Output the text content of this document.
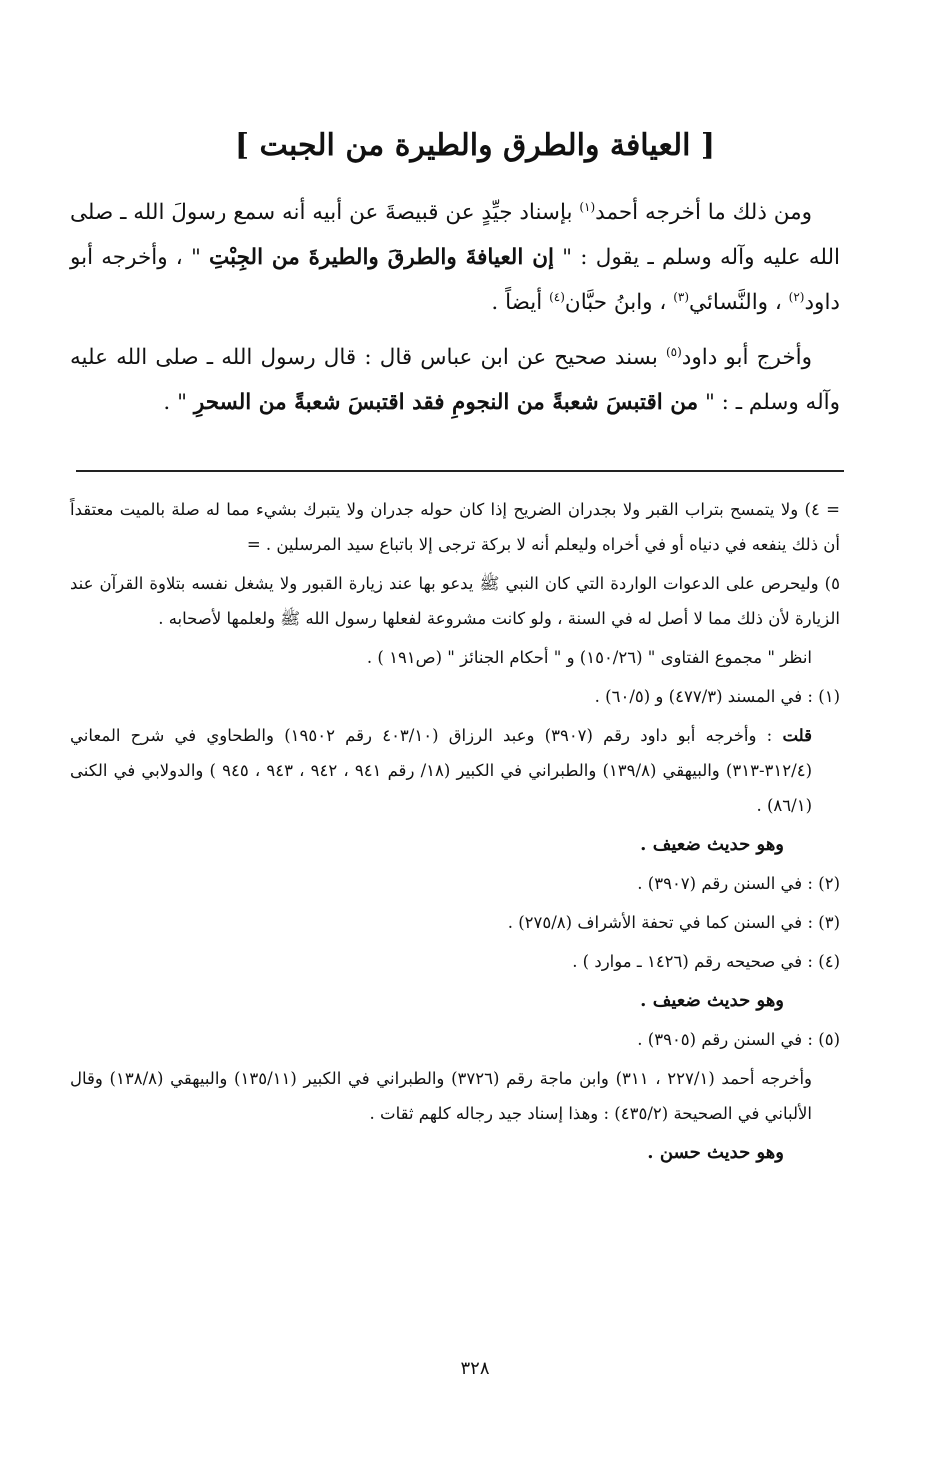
[ العيافة والطرق والطيرة من الجبت ]

ومن ذلك ما أخرجه أحمد$^{(١)}$ بإسناد جيِّدٍ عن قبيصةَ عن أبيه أنه سمع رسولَ الله ـ صلى الله عليه وآله وسلم ـ يقول : " إن العيافةَ والطرقَ والطيرةَ من الجِبْتِ " ، وأخرجه أبو داود$^{(٢)}$ ، والنَّسائي$^{(٣)}$ ، وابنُ حبَّان$^{(٤)}$ أيضاً .

وأخرج أبو داود$^{(٥)}$ بسند صحيح عن ابن عباس قال : قال رسول الله ـ صلى الله عليه وآله وسلم ـ : " من اقتبسَ شعبةً من النجومِ فقد اقتبسَ شعبةً من السحرِ " .

= ٤) ولا يتمسح بتراب القبر ولا بجدران الضريح إذا كان حوله جدران ولا يتبرك بشيء مما له صلة بالميت معتقداً أن ذلك ينفعه في دنياه أو في أخراه وليعلم أنه لا بركة ترجى إلا باتباع سيد المرسلين . =

٥) وليحرص على الدعوات الواردة التي كان النبي ﷺ يدعو بها عند زيارة القبور ولا يشغل نفسه بتلاوة القرآن عند الزيارة لأن ذلك مما لا أصل له في السنة ، ولو كانت مشروعة لفعلها رسول الله ﷺ ولعلمها لأصحابه .

انظر " مجموع الفتاوى " (١٥٠/٢٦) و " أحكام الجنائز " (ص١٩١ ) .

(١) : في المسند (٤٧٧/٣) و (٦٠/٥) .

قلت : وأخرجه أبو داود رقم (٣٩٠٧) وعبد الرزاق (٤٠٣/١٠ رقم ١٩٥٠٢) والطحاوي في شرح المعاني (٣١٢/٤-٣١٣) والبيهقي (١٣٩/٨) والطبراني في الكبير (١٨/ رقم ٩٤١ ، ٩٤٢ ، ٩٤٣ ، ٩٤٥ ) والدولابي في الكنى (٨٦/١) .

وهو حديث ضعيف .

(٢) : في السنن رقم (٣٩٠٧) .

(٣) : في السنن كما في تحفة الأشراف (٢٧٥/٨) .

(٤) : في صحيحه رقم (١٤٢٦ ـ موارد ) .

وهو حديث ضعيف .

(٥) : في السنن رقم (٣٩٠٥) .

وأخرجه أحمد (٢٢٧/١ ، ٣١١) وابن ماجة رقم (٣٧٢٦) والطبراني في الكبير (١٣٥/١١) والبيهقي (١٣٨/٨) وقال الألباني في الصحيحة (٤٣٥/٢) : وهذا إسناد جيد رجاله كلهم ثقات .

وهو حديث حسن .

٣٢٨
